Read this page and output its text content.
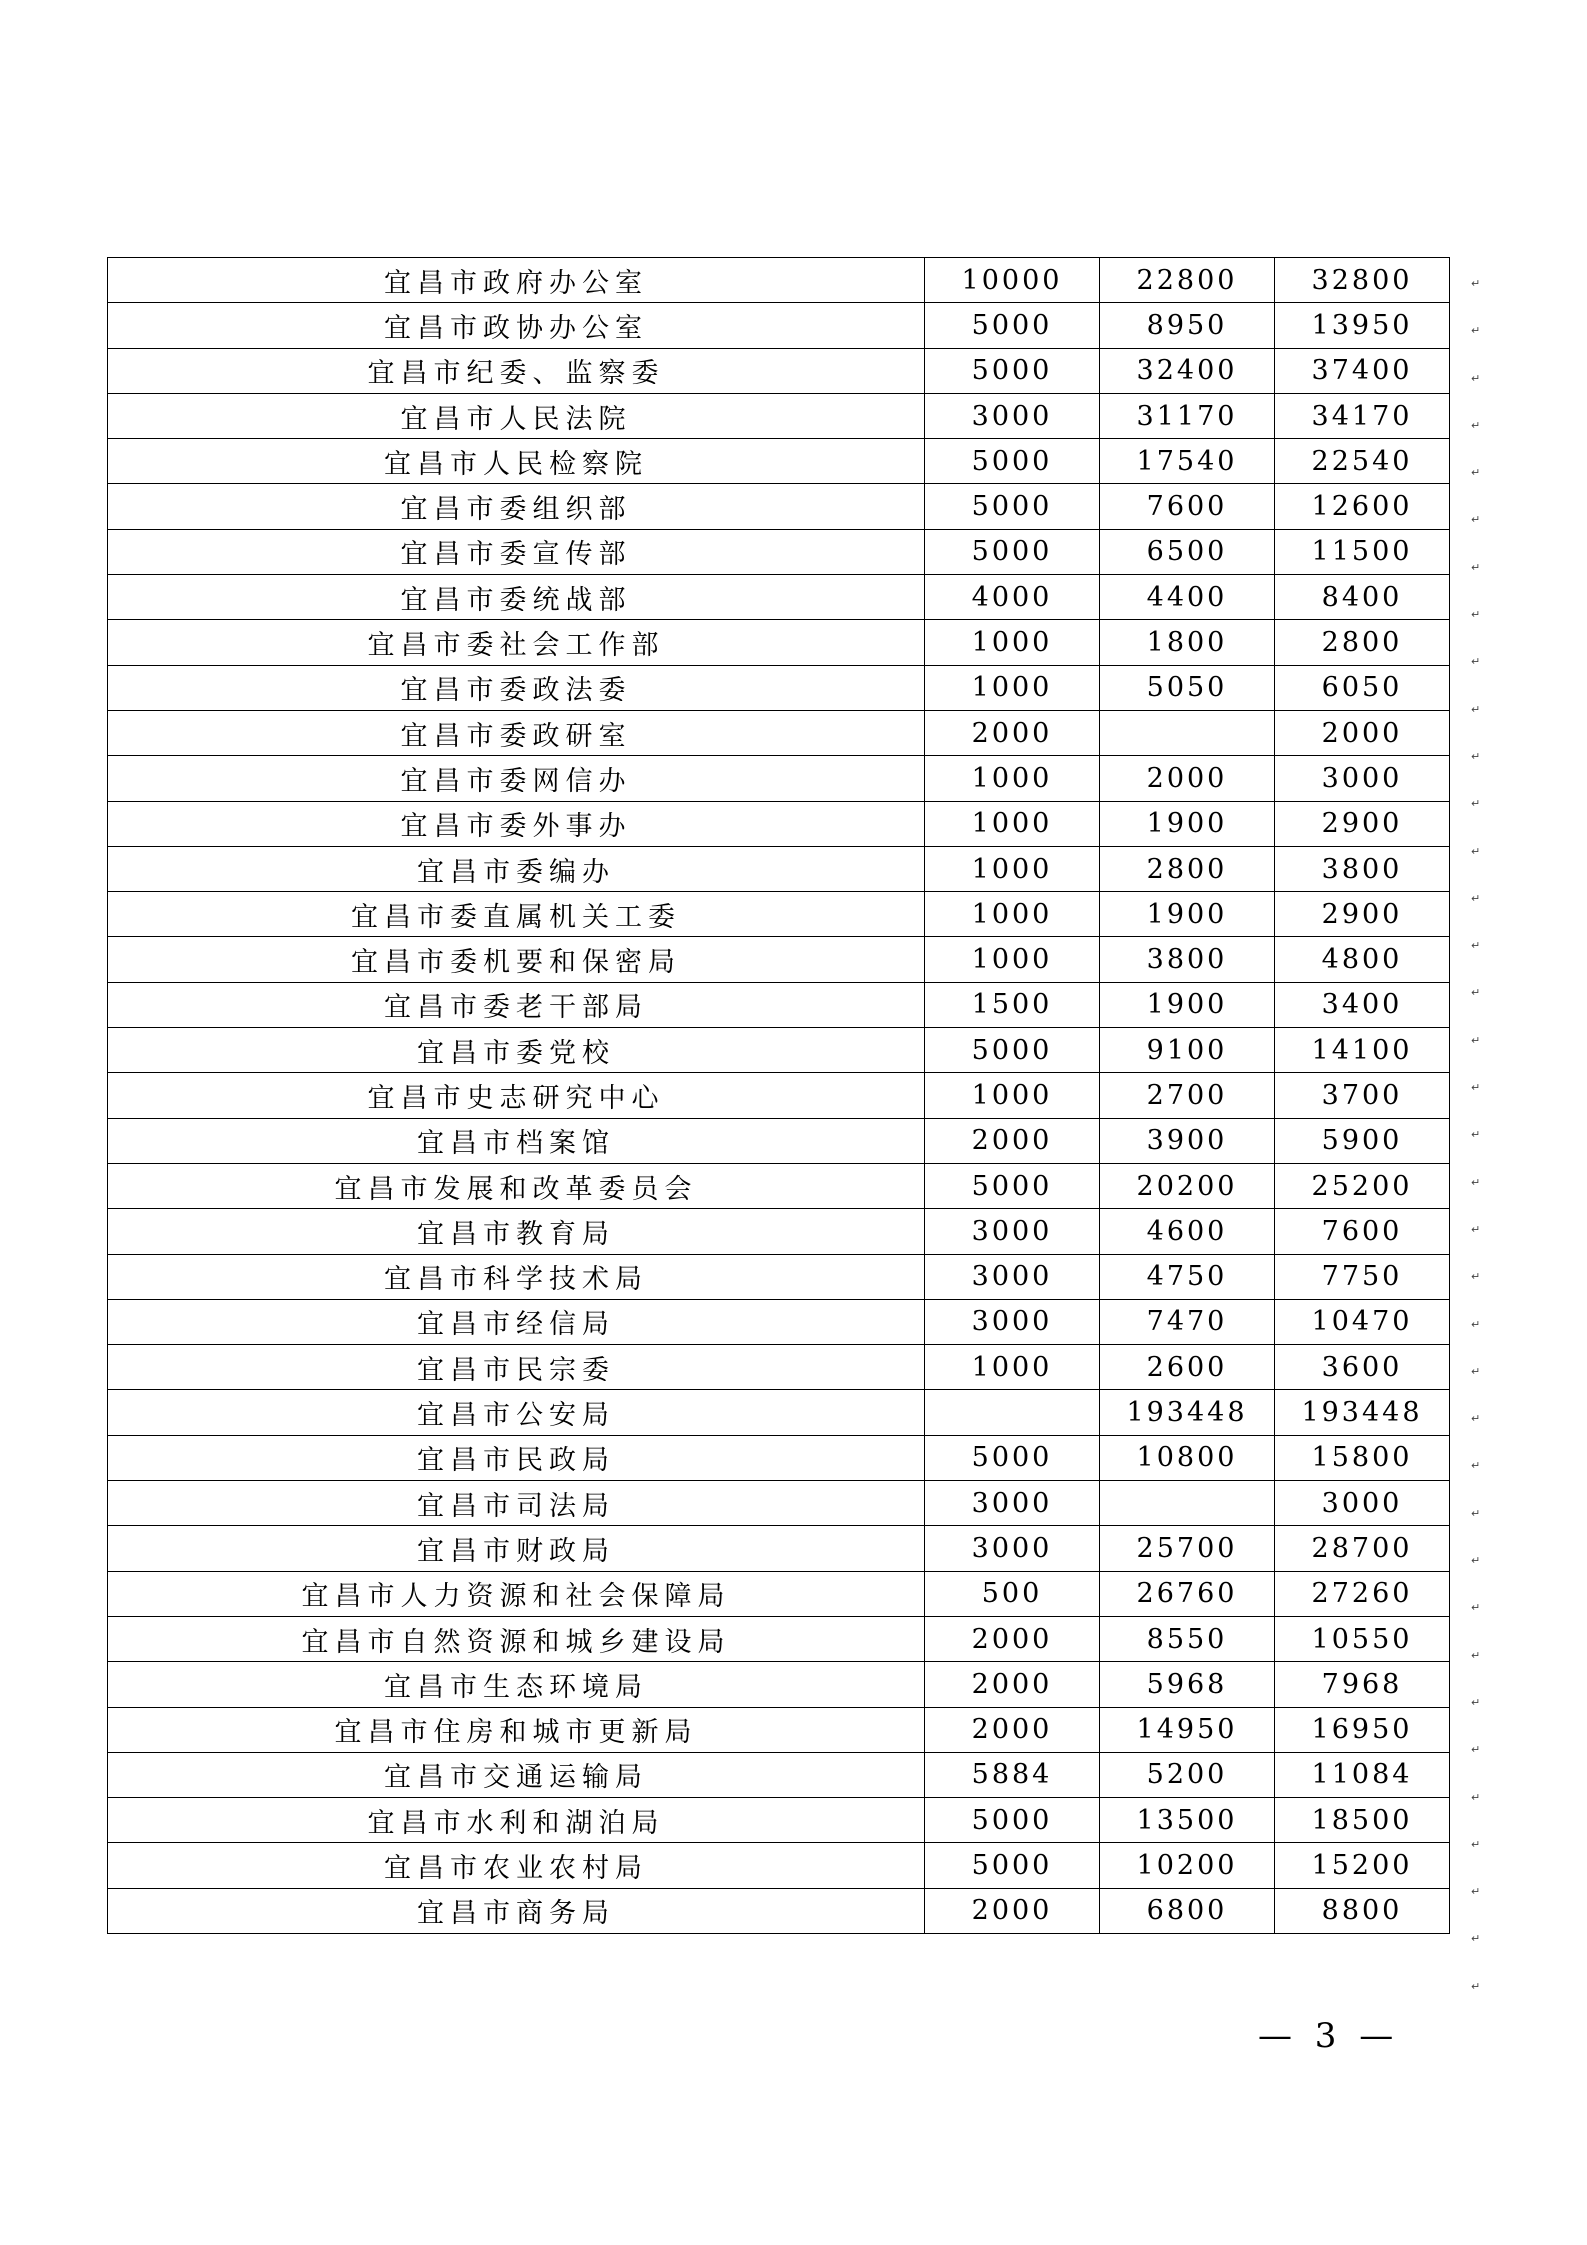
宜昌市政府办公室	10000	22800	32800
宜昌市政协办公室	5000	8950	13950
宜昌市纪委、监察委	5000	32400	37400
宜昌市人民法院	3000	31170	34170
宜昌市人民检察院	5000	17540	22540
宜昌市委组织部	5000	7600	12600
宜昌市委宣传部	5000	6500	11500
宜昌市委统战部	4000	4400	8400
宜昌市委社会工作部	1000	1800	2800
宜昌市委政法委	1000	5050	6050
宜昌市委政研室	2000		2000
宜昌市委网信办	1000	2000	3000
宜昌市委外事办	1000	1900	2900
宜昌市委编办	1000	2800	3800
宜昌市委直属机关工委	1000	1900	2900
宜昌市委机要和保密局	1000	3800	4800
宜昌市委老干部局	1500	1900	3400
宜昌市委党校	5000	9100	14100
宜昌市史志研究中心	1000	2700	3700
宜昌市档案馆	2000	3900	5900
宜昌市发展和改革委员会	5000	20200	25200
宜昌市教育局	3000	4600	7600
宜昌市科学技术局	3000	4750	7750
宜昌市经信局	3000	7470	10470
宜昌市民宗委	1000	2600	3600
宜昌市公安局		193448	193448
宜昌市民政局	5000	10800	15800
宜昌市司法局	3000		3000
宜昌市财政局	3000	25700	28700
宜昌市人力资源和社会保障局	500	26760	27260
宜昌市自然资源和城乡建设局	2000	8550	10550
宜昌市生态环境局	2000	5968	7968
宜昌市住房和城市更新局	2000	14950	16950
宜昌市交通运输局	5884	5200	11084
宜昌市水利和湖泊局	5000	13500	18500
宜昌市农业农村局	5000	10200	15200
宜昌市商务局	2000	6800	8800
↵
↵
↵
↵
↵
↵
↵
↵
↵
↵
↵
↵
↵
↵
↵
↵
↵
↵
↵
↵
↵
↵
↵
↵
↵
↵
↵
↵
↵
↵
↵
↵
↵
↵
↵
↵
↵
— 3 —
